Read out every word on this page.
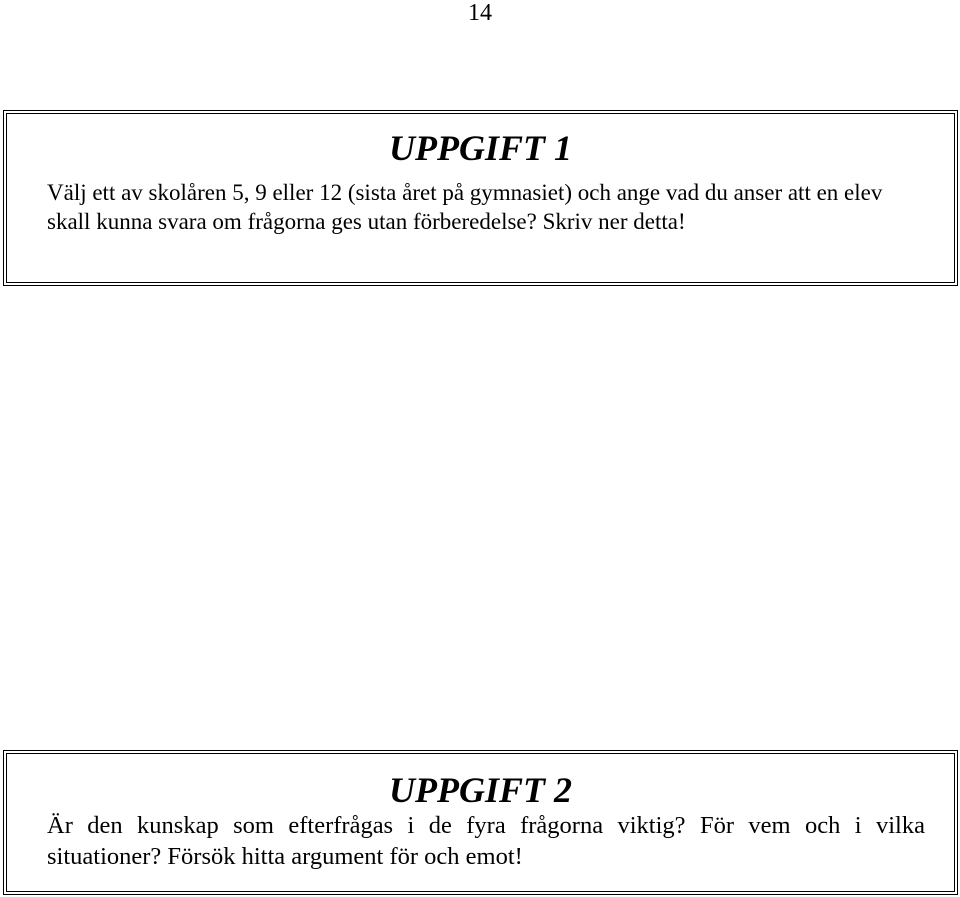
14
UPPGIFT 1

Välj ett av skolåren 5, 9 eller 12 (sista året på gymnasiet) och ange vad du anser att en elev skall kunna svara om frågorna ges utan förberedelse? Skriv ner detta!

UPPGIFT 2

Är den kunskap som efterfrågas i de fyra frågorna viktig? För vem och i vilka situationer? Försök hitta argument för och emot!
